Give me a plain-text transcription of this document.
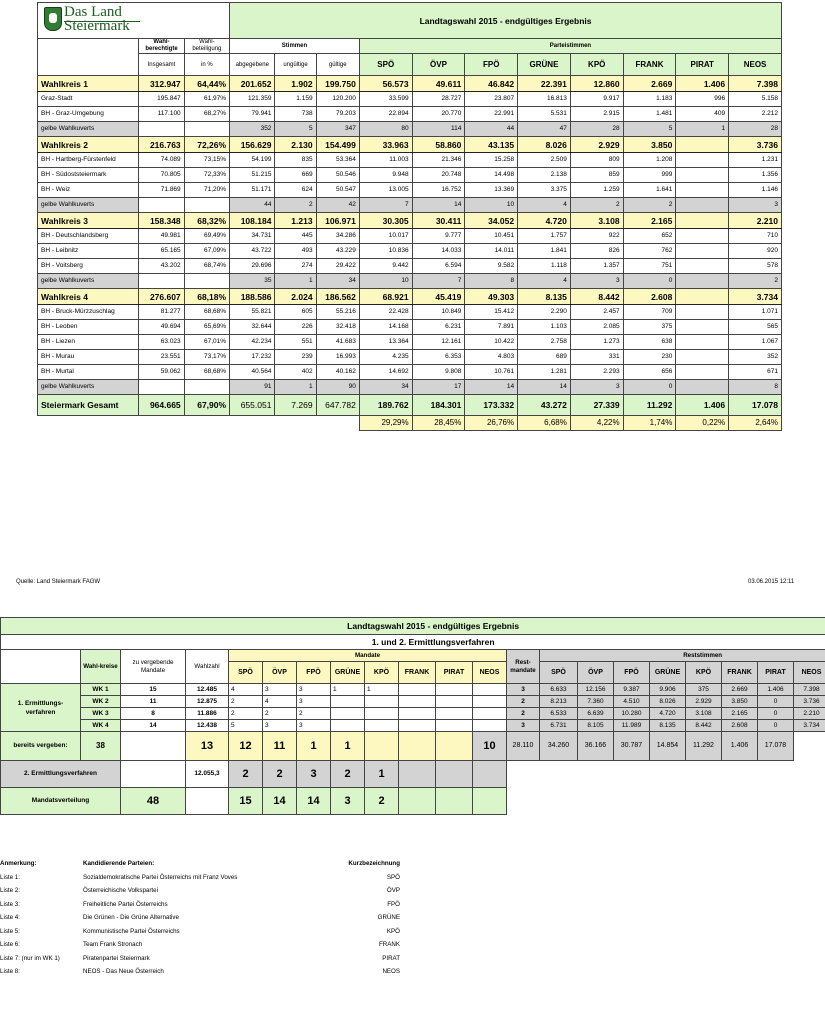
Das Land
Steiermark			Landtagswahl 2015 - endgültiges Ergebnis										
	Wahl-berechtigte	Wahl-beteiligung	Stimmen			Parteistimmen							
	Insgesamt	in %	abgegebene	ungültige	gültige	SPÖ	ÖVP	FPÖ	GRÜNE	KPÖ	FRANK	PIRAT	NEOS
Wahlkreis 1	312.947	64,44%	201.652	1.902	199.750	56.573	49.611	46.842	22.391	12.860	2.669	1.406	7.398
Graz-Stadt	195.847	61,97%	121.359	1.159	120.200	33.599	28.727	23.807	16.813	9.917	1.183	996	5.158
BH - Graz-Umgebung	117.100	68,27%	79.941	738	79.203	22.894	20.770	22.991	5.531	2.915	1.481	409	2.212
gelbe Wahlkuverts			352	5	347	80	114	44	47	28	5	1	28
Wahlkreis 2	216.763	72,26%	156.629	2.130	154.499	33.963	58.860	43.135	8.026	2.929	3.850		3.736
BH - Hartberg-Fürstenfeld	74.089	73,15%	54.199	835	53.364	11.003	21.346	15.258	2.509	809	1.208		1.231
BH - Südoststeiermark	70.805	72,33%	51.215	669	50.546	9.948	20.748	14.498	2.138	859	999		1.356
BH - Weiz	71.869	71,20%	51.171	624	50.547	13.005	16.752	13.369	3.375	1.259	1.641		1.146
gelbe Wahlkuverts			44	2	42	7	14	10	4	2	2		3
Wahlkreis 3	158.348	68,32%	108.184	1.213	106.971	30.305	30.411	34.052	4.720	3.108	2.165		2.210
BH - Deutschlandsberg	49.981	69,49%	34.731	445	34.286	10.017	9.777	10.451	1.757	922	652		710
BH - Leibnitz	65.165	67,09%	43.722	493	43.229	10.836	14.033	14.011	1.841	826	762		920
BH - Voitsberg	43.202	68,74%	29.696	274	29.422	9.442	6.594	9.582	1.118	1.357	751		578
gelbe Wahlkuverts			35	1	34	10	7	8	4	3	0		2
Wahlkreis 4	276.607	68,18%	188.586	2.024	186.562	68.921	45.419	49.303	8.135	8.442	2.608		3.734
BH - Bruck-Mürzzuschlag	81.277	68,68%	55.821	605	55.216	22.428	10.849	15.412	2.290	2.457	709		1.071
BH - Leoben	49.694	65,69%	32.644	226	32.418	14.168	6.231	7.891	1.103	2.085	375		565
BH - Liezen	63.023	67,01%	42.234	551	41.683	13.364	12.161	10.422	2.758	1.273	638		1.067
BH - Murau	23.551	73,17%	17.232	239	16.993	4.235	6.353	4.803	689	331	230		352
BH - Murtal	59.062	68,68%	40.564	402	40.162	14.692	9.808	10.761	1.281	2.293	656		671
gelbe Wahlkuverts			91	1	90	34	17	14	14	3	0		8
Steiermark Gesamt	964.665	67,90%	655.051	7.269	647.782	189.762	184.301	173.332	43.272	27.339	11.292	1.406	17.078
						29,29%	28,45%	26,76%	6,68%	4,22%	1,74%	0,22%	2,64%
Quelle: Land Steiermark FAGW	03.06.2015 12:11
Landtagswahl 2015 - endgültiges Ergebnis																				
1. und 2. Ermittlungsverfahren																				
	Wahl-kreise	zu vergebende Mandate	Wahlzahl	Mandate								Rest-mandate	Reststimmen							
				SPÖ	ÖVP	FPÖ	GRÜNE	KPÖ	FRANK	PIRAT	NEOS		SPÖ	ÖVP	FPÖ	GRÜNE	KPÖ	FRANK	PIRAT	NEOS
1. Ermittlungs-verfahren	WK 1	15	12.485	4	3	3	1	1				3	6.633	12.156	9.387	9.906	375	2.669	1.406	7.398
	WK 2	11	12.875	2	4	3						2	8.213	7.360	4.510	8.026	2.929	3.850	0	3.736
	WK 3	8	11.886	2	2	2						2	6.533	6.639	10.280	4.720	3.108	2.165	0	2.210
	WK 4	14	12.438	5	3	3						3	6.731	8.105	11.989	8.135	8.442	2.608	0	3.734
bereits vergeben:	38		13	12	11	1	1				10	28.110	34.260	36.166	30.787	14.854	11.292	1.406	17.078	
2. Ermittlungsverfahren			12.055,3	2	2	3	2	1												
Mandatsverteilung		48		15	14	14	3	2												
Anmerkung:	Kandidierende Parteien:	Kurzbezeichnung
Liste 1:	Sozialdemokratische Partei Österreichs mit Franz Voves	SPÖ
Liste 2:	Österreichische Volkspartei	ÖVP
Liste 3:	Freiheitliche Partei Österreichs	FPÖ
Liste 4:	Die Grünen - Die Grüne Alternative	GRÜNE
Liste 5:	Kommunistische Partei Österreichs	KPÖ
Liste 6:	Team Frank Stronach	FRANK
Liste 7: (nur im WK 1)	Piratenpartei Steiermark	PIRAT
Liste 8:	NEOS - Das Neue Österreich	NEOS
